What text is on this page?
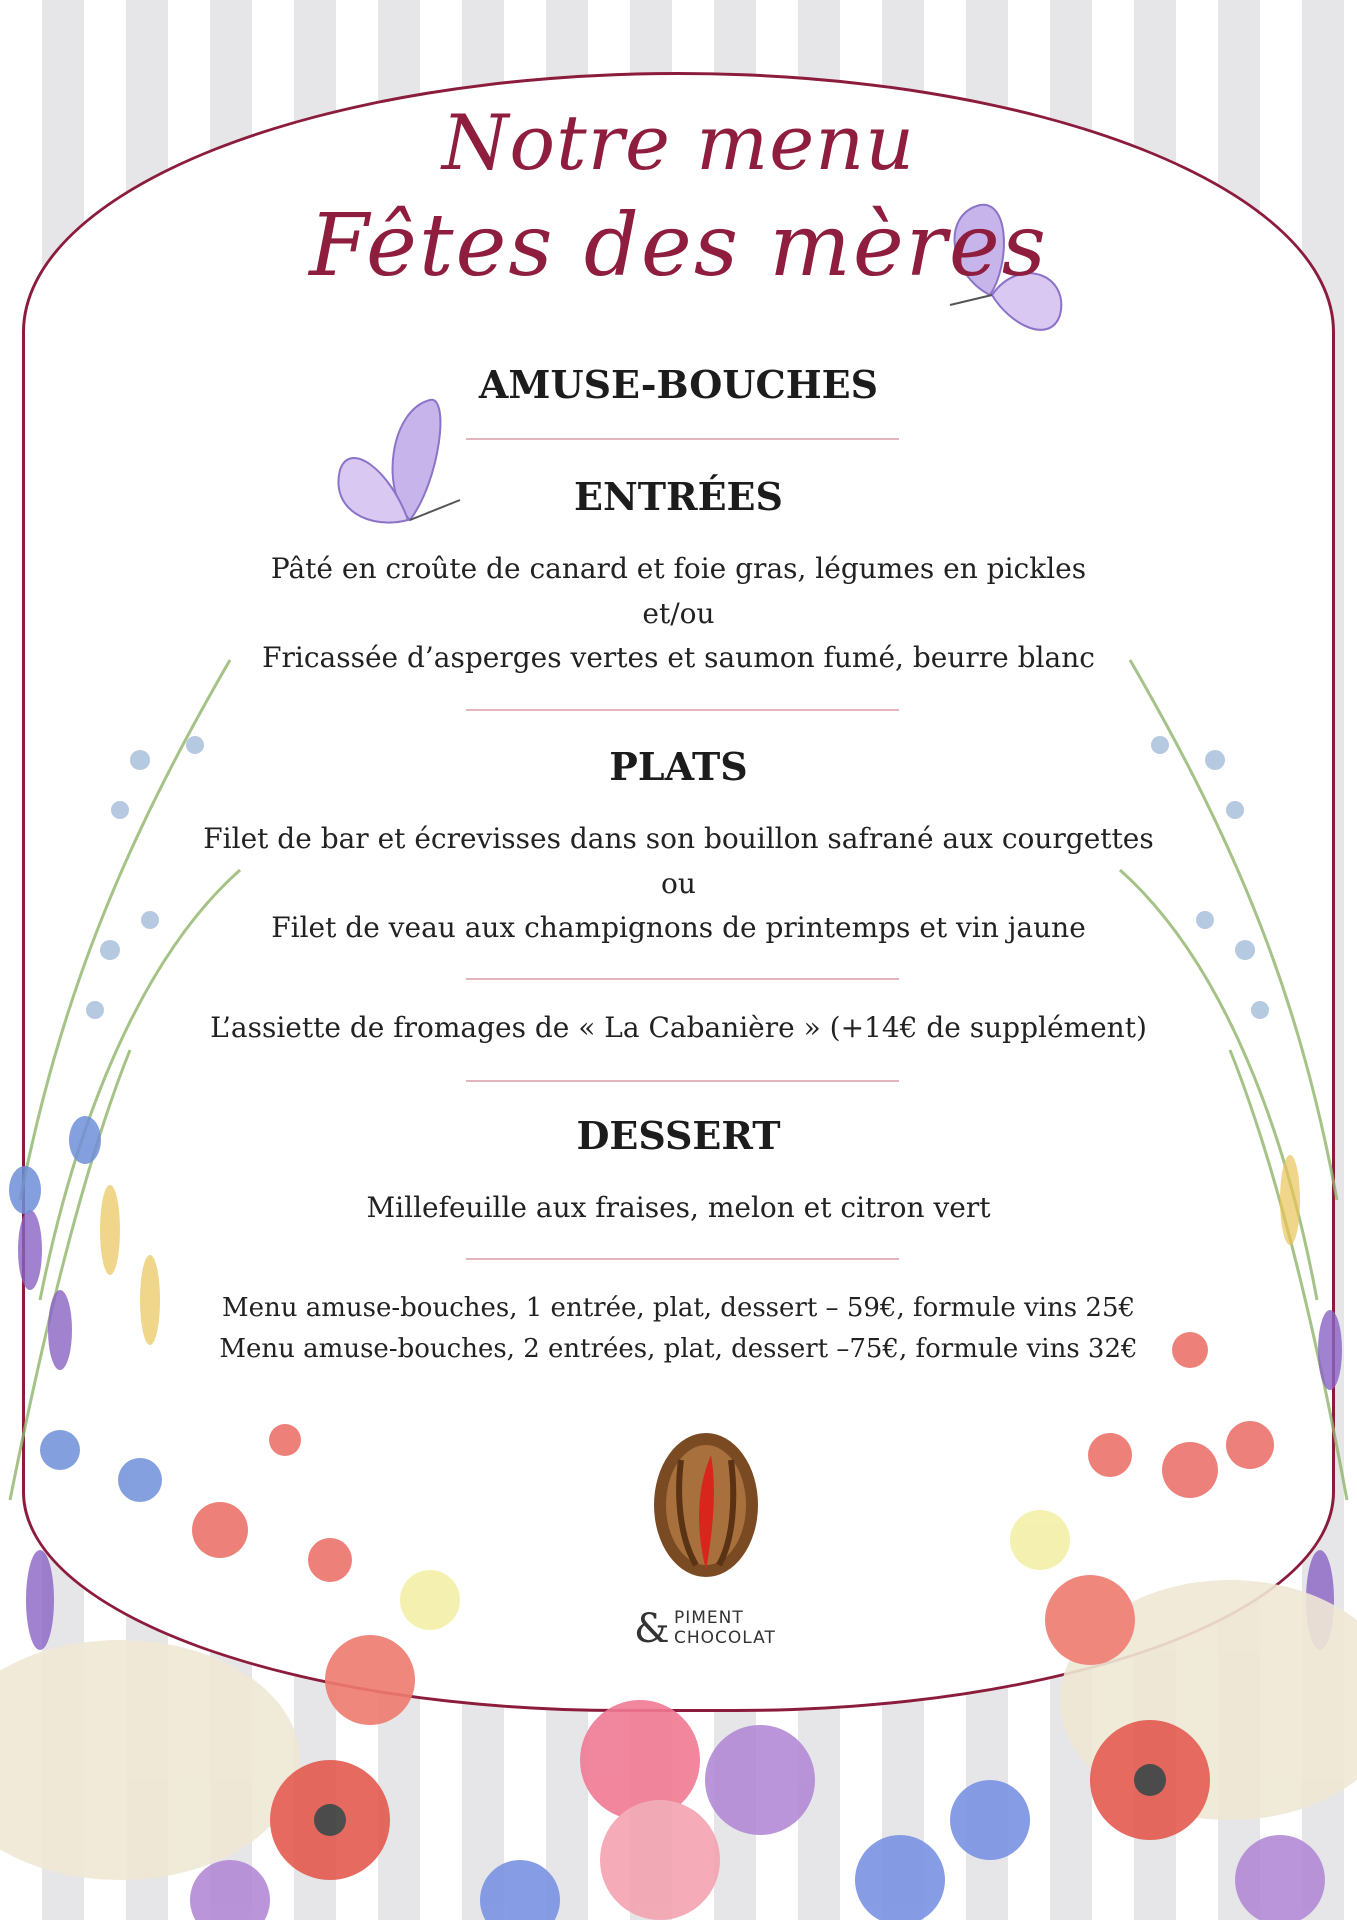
Notre menu
Fêtes des mères
AMUSE-BOUCHES
ENTRÉES
Pâté en croûte de canard et foie gras, légumes en pickles
et/ou
Fricassée d’asperges vertes et saumon fumé, beurre blanc
PLATS
Filet de bar et écrevisses dans son bouillon safrané aux courgettes
ou
Filet de veau aux champignons de printemps et vin jaune
L’assiette de fromages de « La Cabanière » (+14€ de supplément)
DESSERT
Millefeuille aux fraises, melon et citron vert
Menu amuse-bouches, 1 entrée, plat, dessert – 59€, formule vins 25€
Menu amuse-bouches, 2 entrées, plat, dessert –75€, formule vins 32€
& PIMENT
CHOCOLAT
